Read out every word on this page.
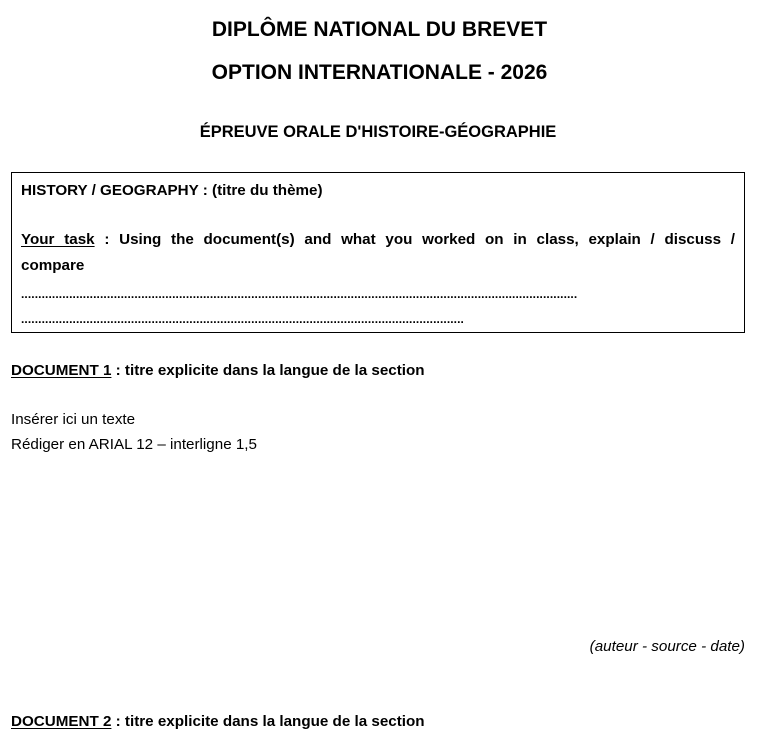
DIPLÔME NATIONAL DU BREVET
OPTION INTERNATIONALE - 2026
ÉPREUVE ORALE D'HISTOIRE-GÉOGRAPHIE
HISTORY / GEOGRAPHY : (titre du thème)
Your task : Using the document(s) and what you worked on in class, explain / discuss /
compare
..................................................................................................................................................................
.................................................................................................................................
DOCUMENT 1 : titre explicite dans la langue de la section
Insérer ici un texte
Rédiger en ARIAL 12 – interligne 1,5
(auteur - source - date)
DOCUMENT 2 : titre explicite dans la langue de la section
